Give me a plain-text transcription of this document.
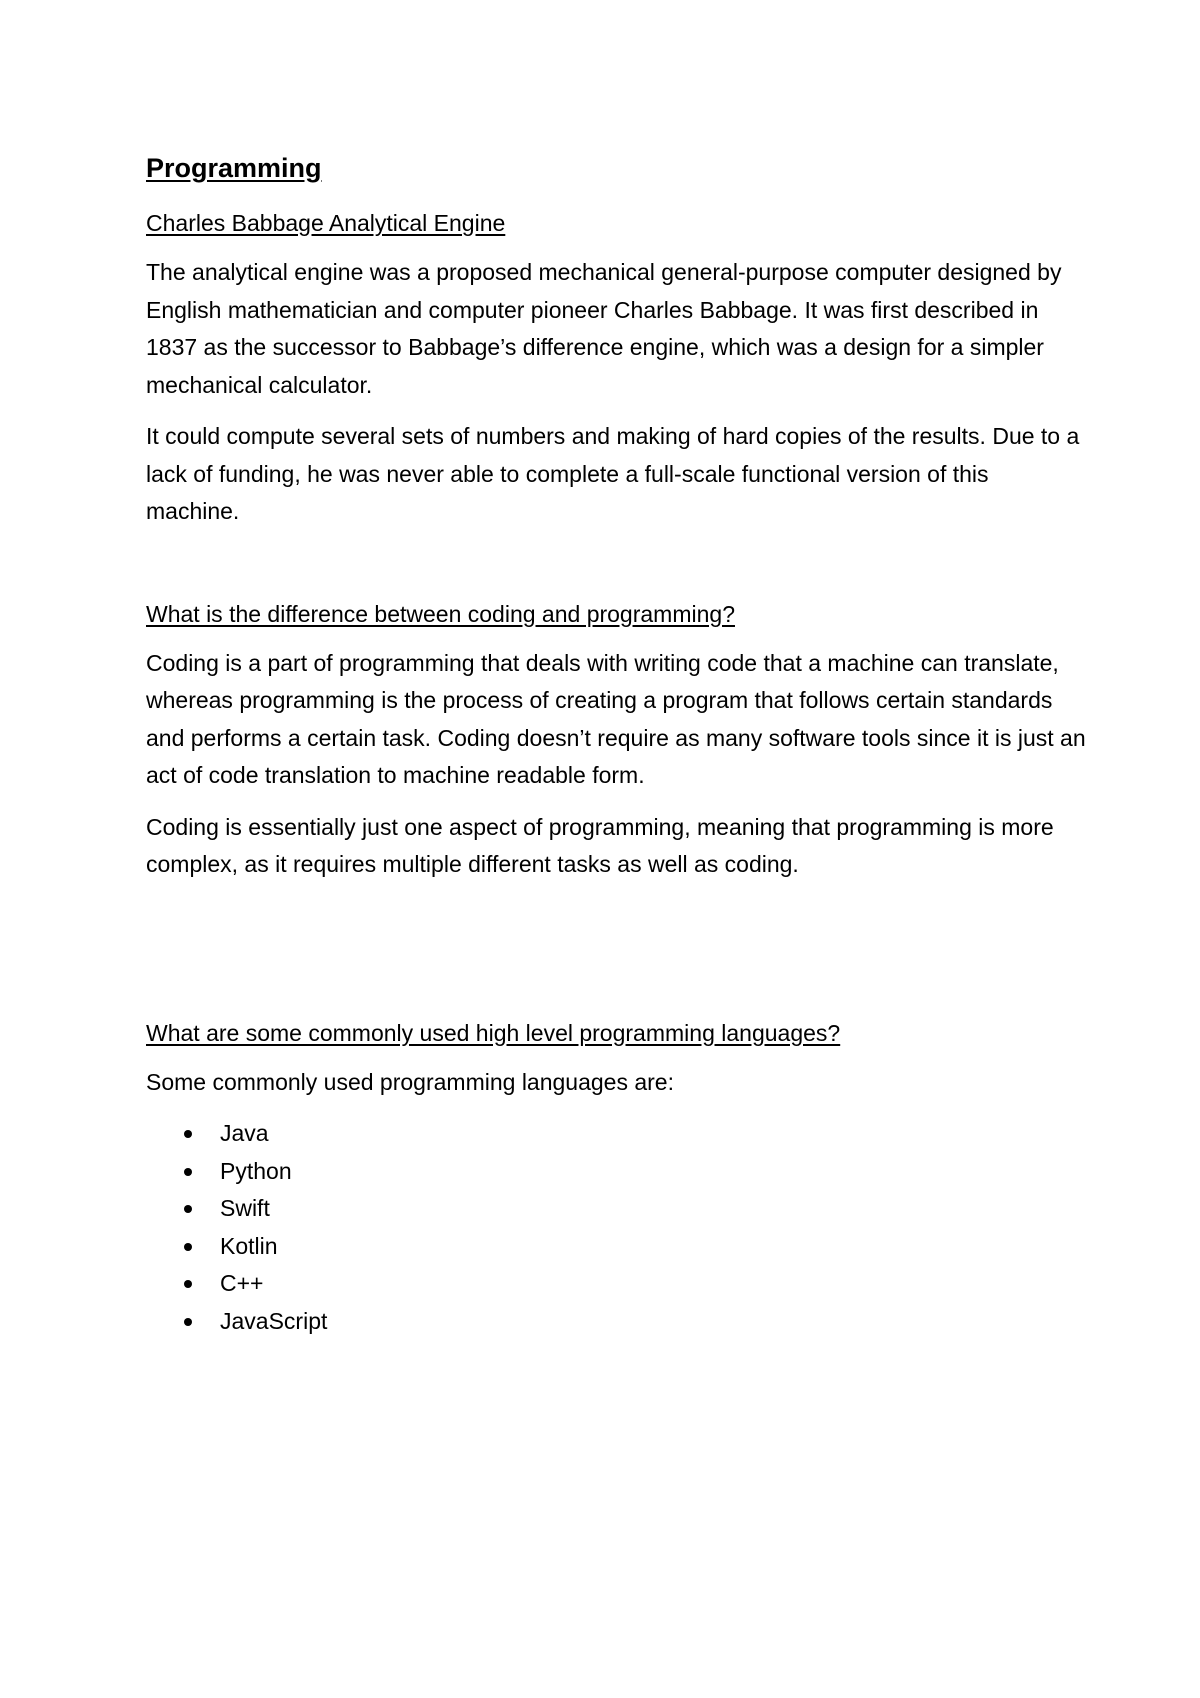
Programming
Charles Babbage Analytical Engine

The analytical engine was a proposed mechanical general-purpose computer designed by English mathematician and computer pioneer Charles Babbage. It was first described in 1837 as the successor to Babbage’s difference engine, which was a design for a simpler mechanical calculator.

It could compute several sets of numbers and making of hard copies of the results. Due to a lack of funding, he was never able to complete a full-scale functional version of this machine.

What is the difference between coding and programming?

Coding is a part of programming that deals with writing code that a machine can translate, whereas programming is the process of creating a program that follows certain standards and performs a certain task. Coding doesn’t require as many software tools since it is just an act of code translation to machine readable form.

Coding is essentially just one aspect of programming, meaning that programming is more complex, as it requires multiple different tasks as well as coding.

What are some commonly used high level programming languages?

Some commonly used programming languages are:

Java
Python
Swift
Kotlin
C++
JavaScript
